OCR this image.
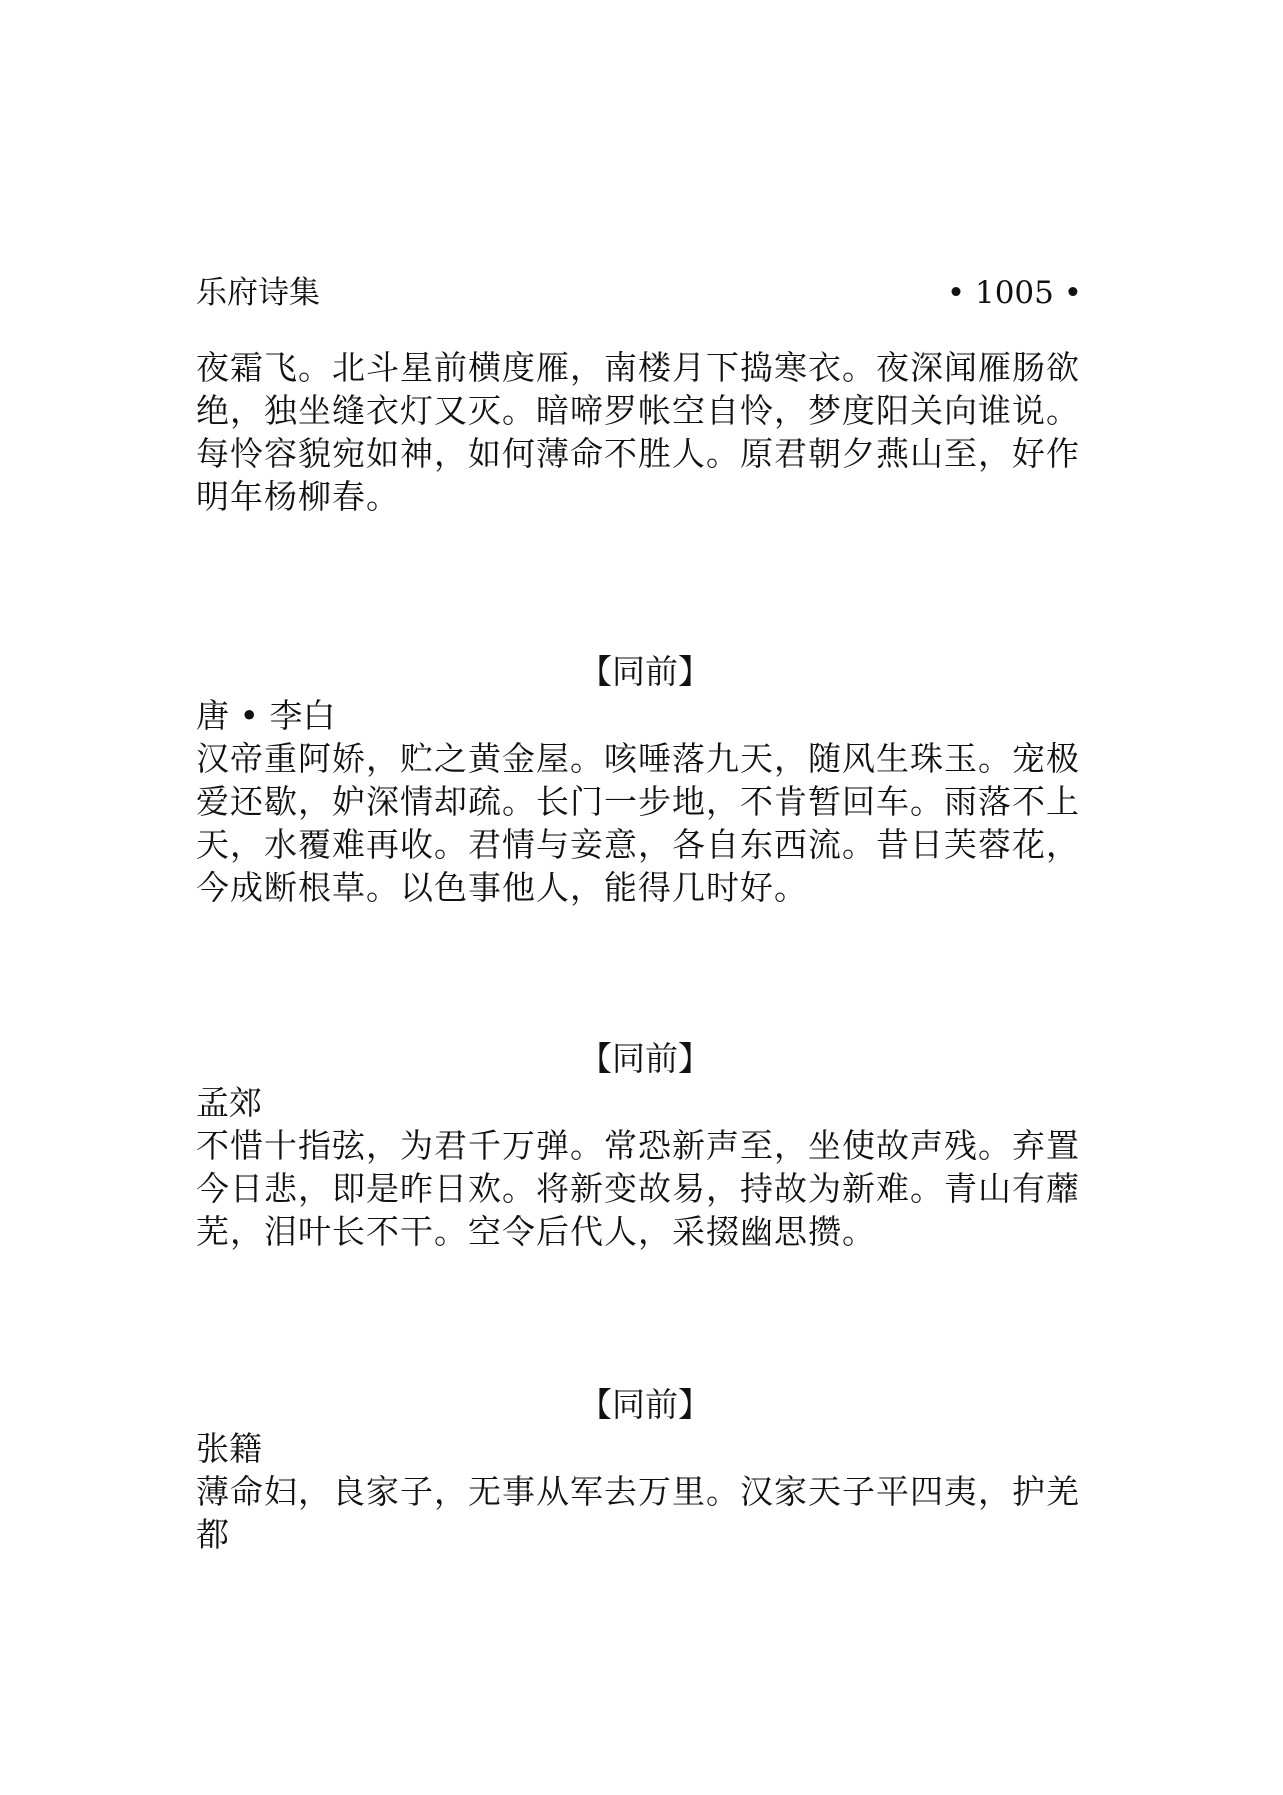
乐府诗集	• 1005 •

夜霜飞。北斗星前横度雁，南楼月下捣寒衣。夜深闻雁肠欲绝，独坐缝衣灯又灭。暗啼罗帐空自怜，梦度阳关向谁说。每怜容貌宛如神，如何薄命不胜人。原君朝夕燕山至，好作明年杨柳春。

【同前】

唐 • 李白

汉帝重阿娇，贮之黄金屋。咳唾落九天，随风生珠玉。宠极爱还歇，妒深情却疏。长门一步地，不肯暂回车。雨落不上天，水覆难再收。君情与妾意，各自东西流。昔日芙蓉花，今成断根草。以色事他人，能得几时好。

【同前】

孟郊

不惜十指弦，为君千万弹。常恐新声至，坐使故声残。弃置今日悲，即是昨日欢。将新变故易，持故为新难。青山有蘼芜，泪叶长不干。空令后代人，采掇幽思攒。

【同前】

张籍

薄命妇，良家子，无事从军去万里。汉家天子平四夷，护羌都
